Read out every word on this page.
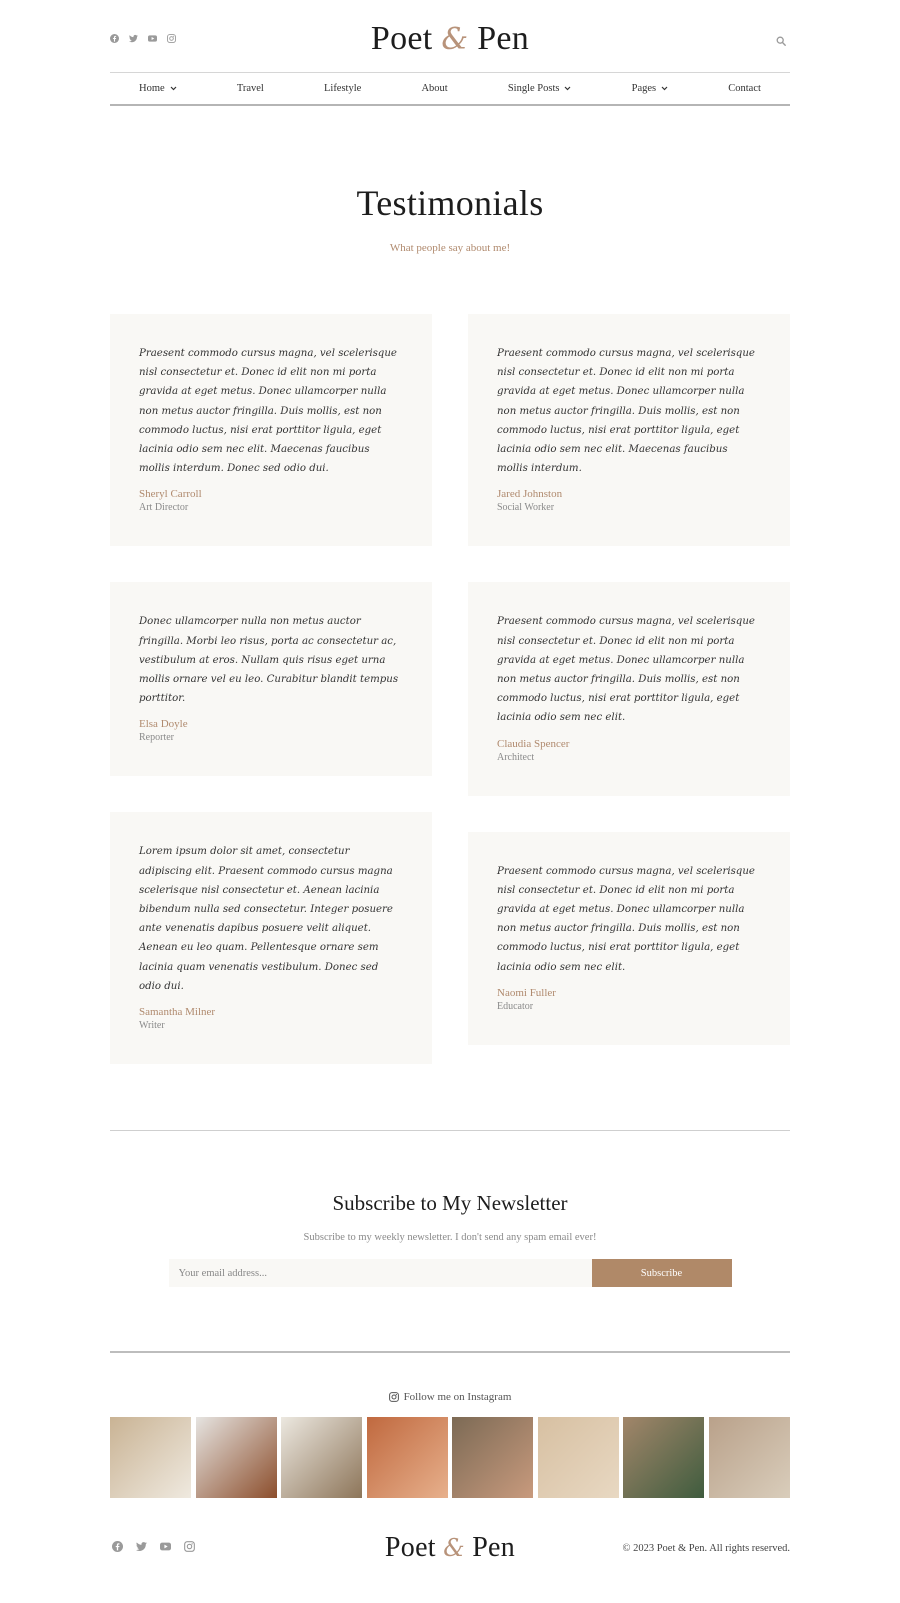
Poet & Pen
Home	Travel	Lifestyle	About	Single Posts	Pages	Contact
Testimonials
What people say about me!

Praesent commodo cursus magna, vel scelerisque nisl consectetur et. Donec id elit non mi porta gravida at eget metus. Donec ullamcorper nulla non metus auctor fringilla. Duis mollis, est non commodo luctus, nisi erat porttitor ligula, eget lacinia odio sem nec elit. Maecenas faucibus mollis interdum. Donec sed odio dui.

Sheryl Carroll
Art Director

Donec ullamcorper nulla non metus auctor fringilla. Morbi leo risus, porta ac consectetur ac, vestibulum at eros. Nullam quis risus eget urna mollis ornare vel eu leo. Curabitur blandit tempus porttitor.

Elsa Doyle
Reporter

Lorem ipsum dolor sit amet, consectetur adipiscing elit. Praesent commodo cursus magna scelerisque nisl consectetur et. Aenean lacinia bibendum nulla sed consectetur. Integer posuere ante venenatis dapibus posuere velit aliquet. Aenean eu leo quam. Pellentesque ornare sem lacinia quam venenatis vestibulum. Donec sed odio dui.

Samantha Milner
Writer

Praesent commodo cursus magna, vel scelerisque nisl consectetur et. Donec id elit non mi porta gravida at eget metus. Donec ullamcorper nulla non metus auctor fringilla. Duis mollis, est non commodo luctus, nisi erat porttitor ligula, eget lacinia odio sem nec elit. Maecenas faucibus mollis interdum.

Jared Johnston
Social Worker

Praesent commodo cursus magna, vel scelerisque nisl consectetur et. Donec id elit non mi porta gravida at eget metus. Donec ullamcorper nulla non metus auctor fringilla. Duis mollis, est non commodo luctus, nisi erat porttitor ligula, eget lacinia odio sem nec elit.

Claudia Spencer
Architect

Praesent commodo cursus magna, vel scelerisque nisl consectetur et. Donec id elit non mi porta gravida at eget metus. Donec ullamcorper nulla non metus auctor fringilla. Duis mollis, est non commodo luctus, nisi erat porttitor ligula, eget lacinia odio sem nec elit.

Naomi Fuller
Educator
Subscribe to My Newsletter
Subscribe to my weekly newsletter. I don't send any spam email ever!
Your email address...
Subscribe
Follow me on Instagram
Poet & Pen	© 2023 Poet & Pen. All rights reserved.
